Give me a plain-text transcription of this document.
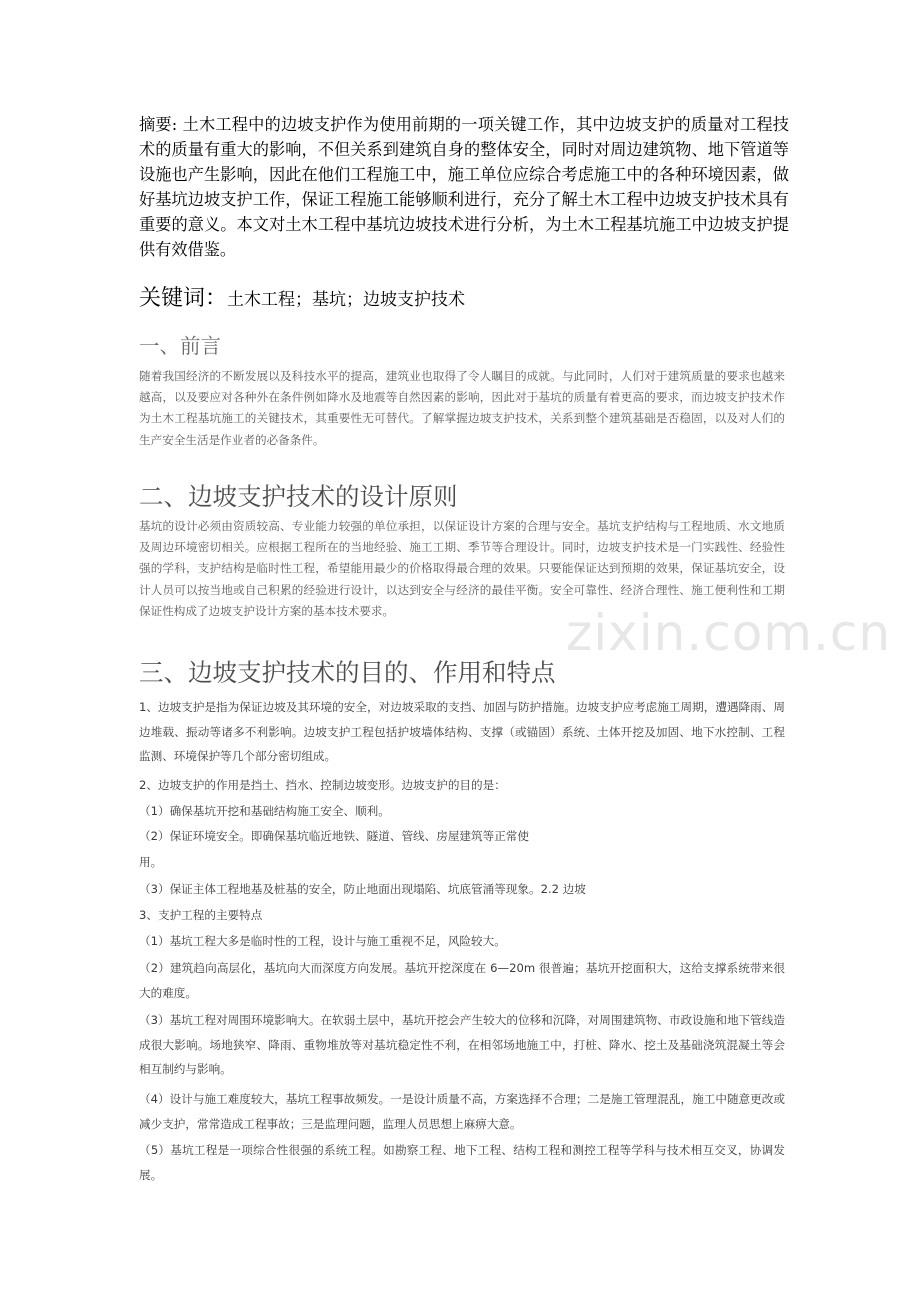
摘要: 土木工程中的边坡支护作为使用前期的一项关键工作，其中边坡支护的质量对工程技术的质量有重大的影响，不但关系到建筑自身的整体安全，同时对周边建筑物、地下管道等设施也产生影响，因此在他们工程施工中，施工单位应综合考虑施工中的各种环境因素，做好基坑边坡支护工作，保证工程施工能够顺利进行，充分了解土木工程中边坡支护技术具有重要的意义。本文对土木工程中基坑边坡技术进行分析，为土木工程基坑施工中边坡支护提供有效借鉴。

关键词：土木工程；基坑；边坡支护技术

一、前言

随着我国经济的不断发展以及科技水平的提高，建筑业也取得了令人瞩目的成就。与此同时，人们对于建筑质量的要求也越来越高，以及要应对各种外在条件例如降水及地震等自然因素的影响，因此对于基坑的质量有着更高的要求，而边坡支护技术作为土木工程基坑施工的关键技术，其重要性无可替代。了解掌握边坡支护技术，关系到整个建筑基础是否稳固，以及对人们的生产安全生活是作业者的必备条件。

二、边坡支护技术的设计原则

基坑的设计必须由资质较高、专业能力较强的单位承担，以保证设计方案的合理与安全。基坑支护结构与工程地质、水文地质及周边环境密切相关。应根据工程所在的当地经验、施工工期、季节等合理设计。同时，边坡支护技术是一门实践性、经验性强的学科，支护结构是临时性工程，希望能用最少的价格取得最合理的效果。只要能保证达到预期的效果，保证基坑安全，设计人员可以按当地或自己积累的经验进行设计，以达到安全与经济的最佳平衡。安全可靠性、经济合理性、施工便利性和工期保证性构成了边坡支护设计方案的基本技术要求。	zixin.com.cn
三、边坡支护技术的目的、作用和特点

1、边坡支护是指为保证边坡及其环境的安全，对边坡采取的支挡、加固与防护措施。边坡支护应考虑施工周期，遭遇降雨、周边堆载、振动等诸多不利影响。边坡支护工程包括护坡墙体结构、支撑（或锚固）系统、土体开挖及加固、地下水控制、工程监测、环境保护等几个部分密切组成。

2、边坡支护的作用是挡土、挡水、控制边坡变形。边坡支护的目的是：

（1）确保基坑开挖和基础结构施工安全、顺利。

（2）保证环境安全。即确保基坑临近地铁、隧道、管线、房屋建筑等正常使

用。

（3）保证主体工程地基及桩基的安全，防止地面出现塌陷、坑底管涌等现象。2.2 边坡

3、支护工程的主要特点

（1）基坑工程大多是临时性的工程，设计与施工重视不足，风险较大。

（2）建筑趋向高层化，基坑向大而深度方向发展。基坑开挖深度在 6—20m 很普遍；基坑开挖面积大，这给支撑系统带来很大的难度。

（3）基坑工程对周围环境影响大。在软弱土层中，基坑开挖会产生较大的位移和沉降，对周围建筑物、市政设施和地下管线造成很大影响。场地狭窄、降雨、重物堆放等对基坑稳定性不利，在相邻场地施工中，打桩、降水、挖土及基础浇筑混凝土等会相互制约与影响。

（4）设计与施工难度较大，基坑工程事故频发。一是设计质量不高，方案选择不合理；二是施工管理混乱，施工中随意更改或减少支护，常常造成工程事故；三是监理问题，监理人员思想上麻痹大意。

（5）基坑工程是一项综合性很强的系统工程。如勘察工程、地下工程、结构工程和测控工程等学科与技术相互交叉，协调发展。
